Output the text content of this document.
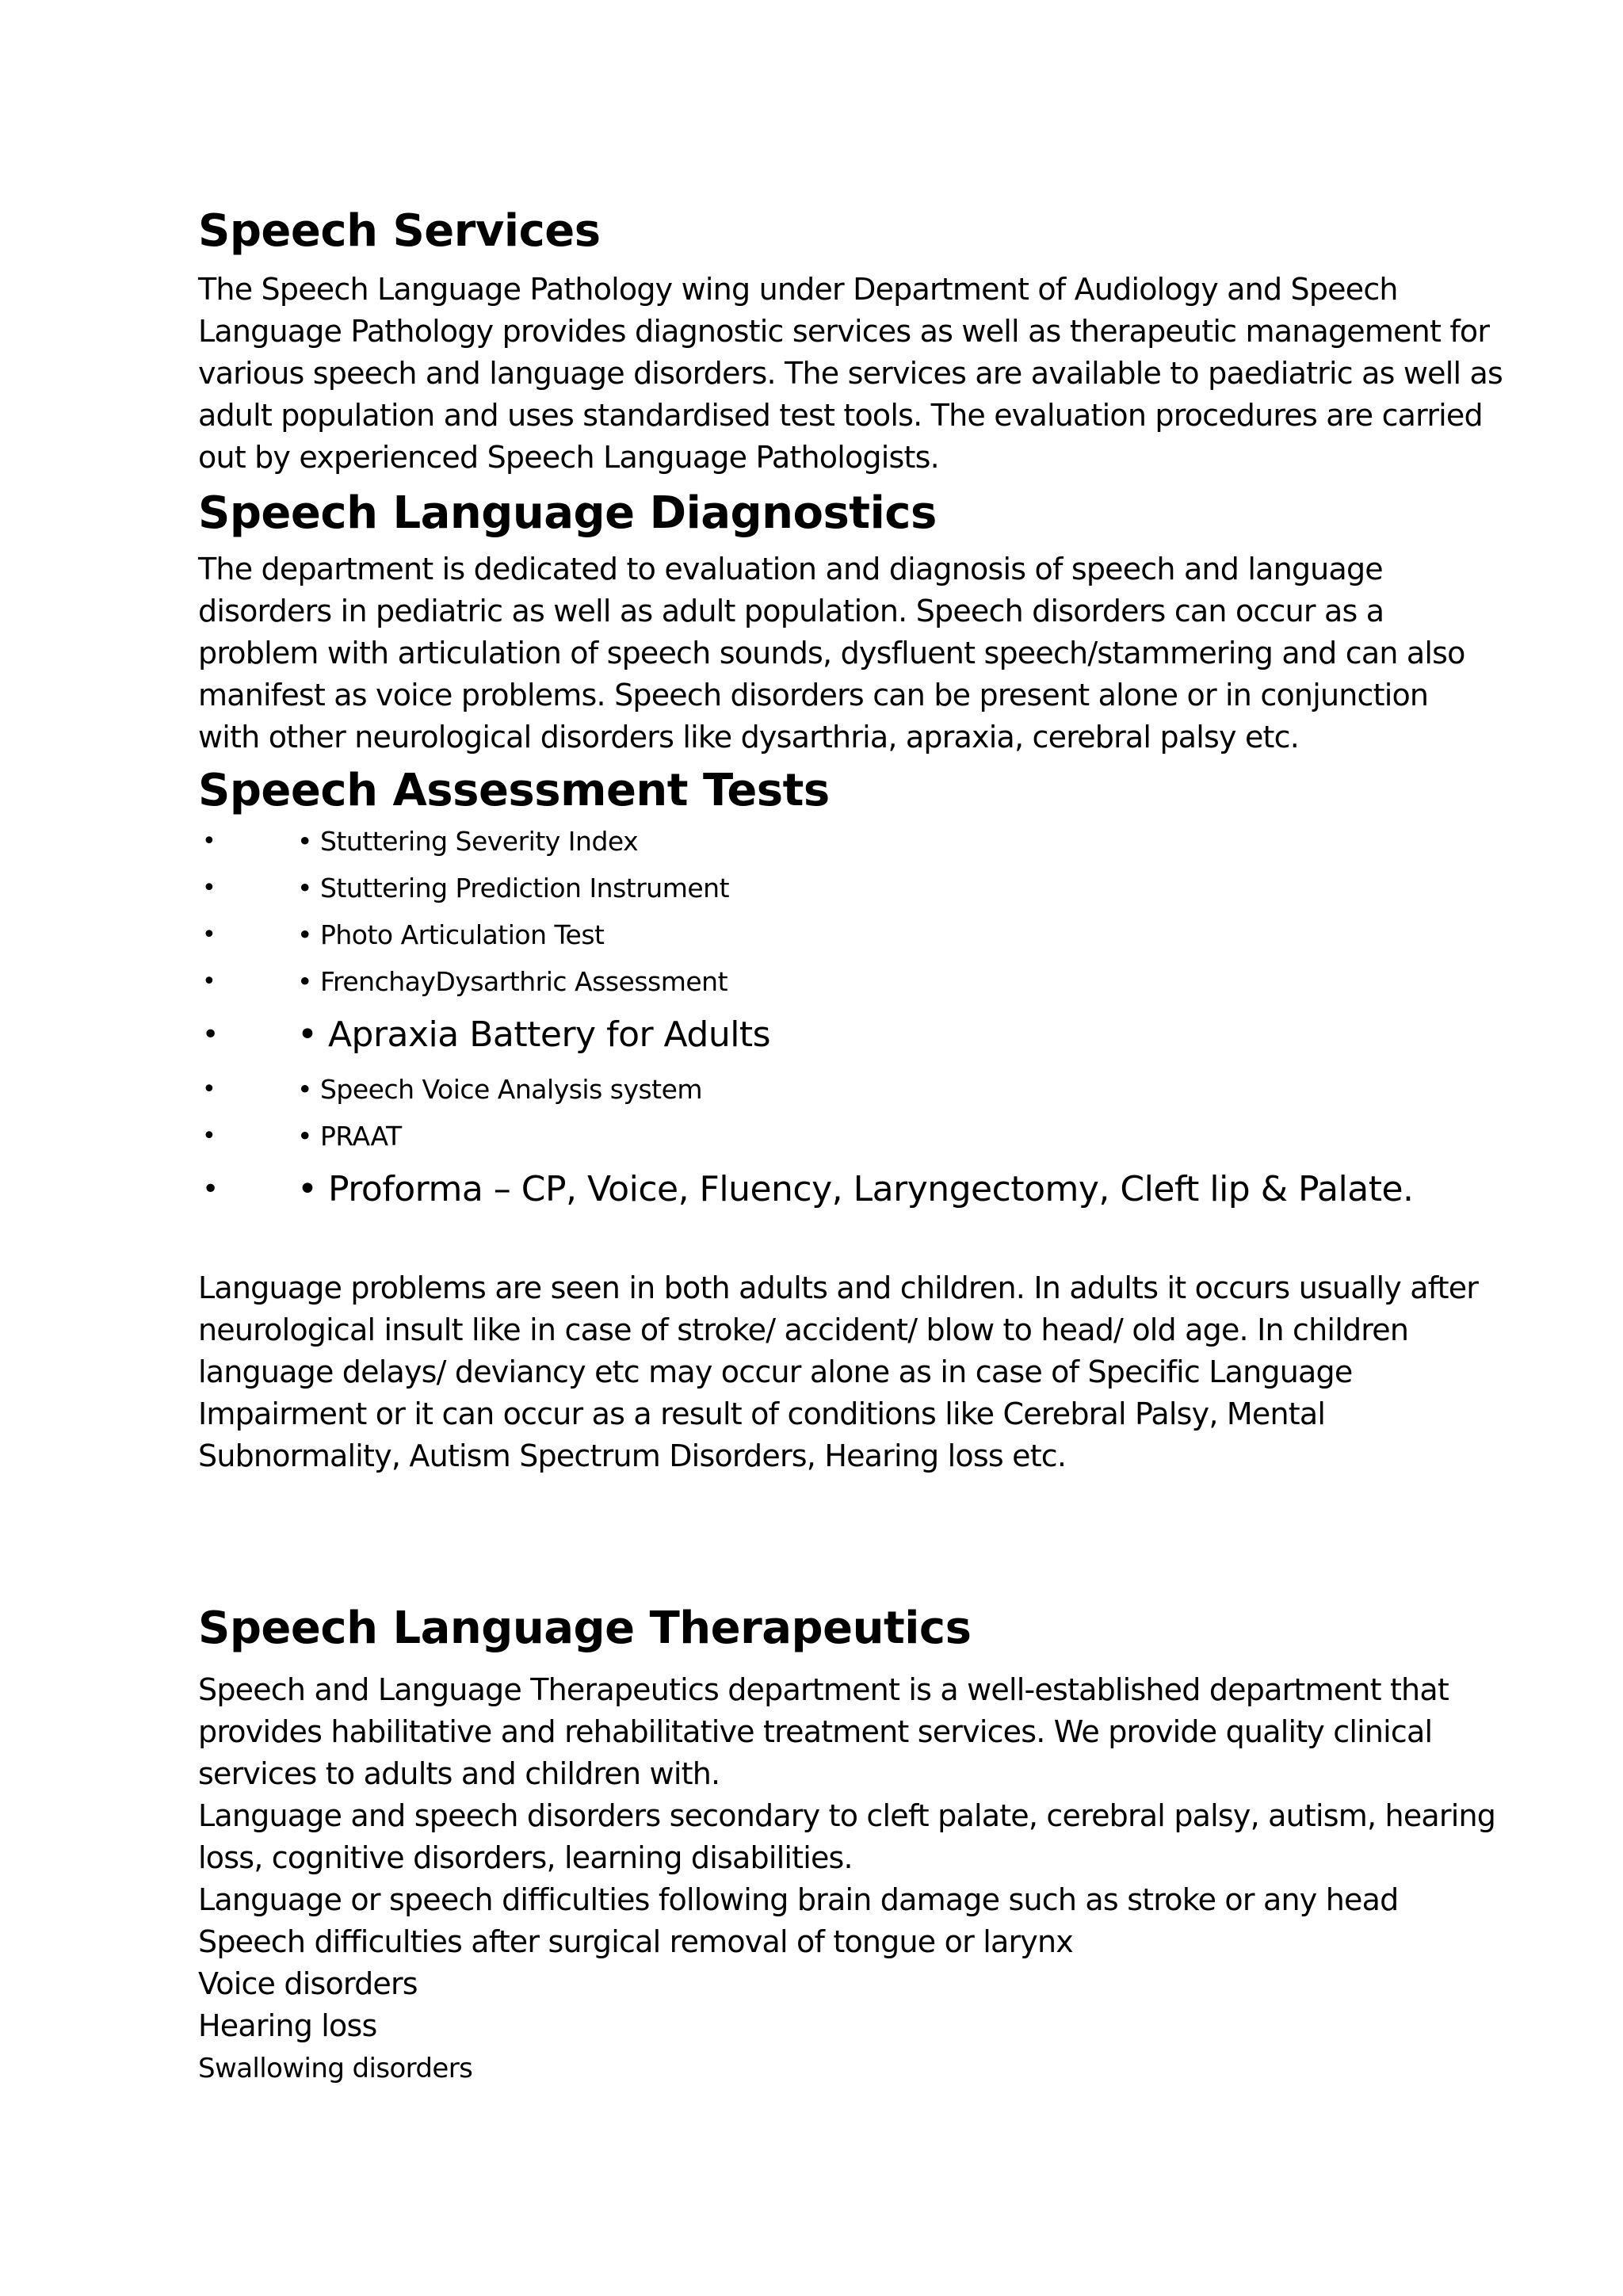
Speech Services

The Speech Language Pathology wing under Department of Audiology and Speech

Language Pathology provides diagnostic services as well as therapeutic management for

various speech and language disorders. The services are available to paediatric as well as

adult population and uses standardised test tools. The evaluation procedures are carried

out by experienced Speech Language Pathologists.

Speech Language Diagnostics

The department is dedicated to evaluation and diagnosis of speech and language

disorders in pediatric as well as adult population. Speech disorders can occur as a

problem with articulation of speech sounds, dysfluent speech/stammering and can also

manifest as voice problems. Speech disorders can be present alone or in conjunction

with other neurological disorders like dysarthria, apraxia, cerebral palsy etc.

Speech Assessment Tests
•	• Stuttering Severity Index
•	• Stuttering Prediction Instrument
•	• Photo Articulation Test
•	• FrenchayDysarthric Assessment
•	• Apraxia Battery for Adults
•	• Speech Voice Analysis system
•	• PRAAT
•	• Proforma – CP, Voice, Fluency, Laryngectomy, Cleft lip & Palate.

Language problems are seen in both adults and children. In adults it occurs usually after

neurological insult like in case of stroke/ accident/ blow to head/ old age. In children

language delays/ deviancy etc may occur alone as in case of Specific Language

Impairment or it can occur as a result of conditions like Cerebral Palsy, Mental

Subnormality, Autism Spectrum Disorders, Hearing loss etc.

Speech Language Therapeutics

Speech and Language Therapeutics department is a well-established department that

provides habilitative and rehabilitative treatment services. We provide quality clinical

services to adults and children with.

Language and speech disorders secondary to cleft palate, cerebral palsy, autism, hearing

loss, cognitive disorders, learning disabilities.

Language or speech difficulties following brain damage such as stroke or any head

Speech difficulties after surgical removal of tongue or larynx

Voice disorders

Hearing loss

Swallowing disorders
